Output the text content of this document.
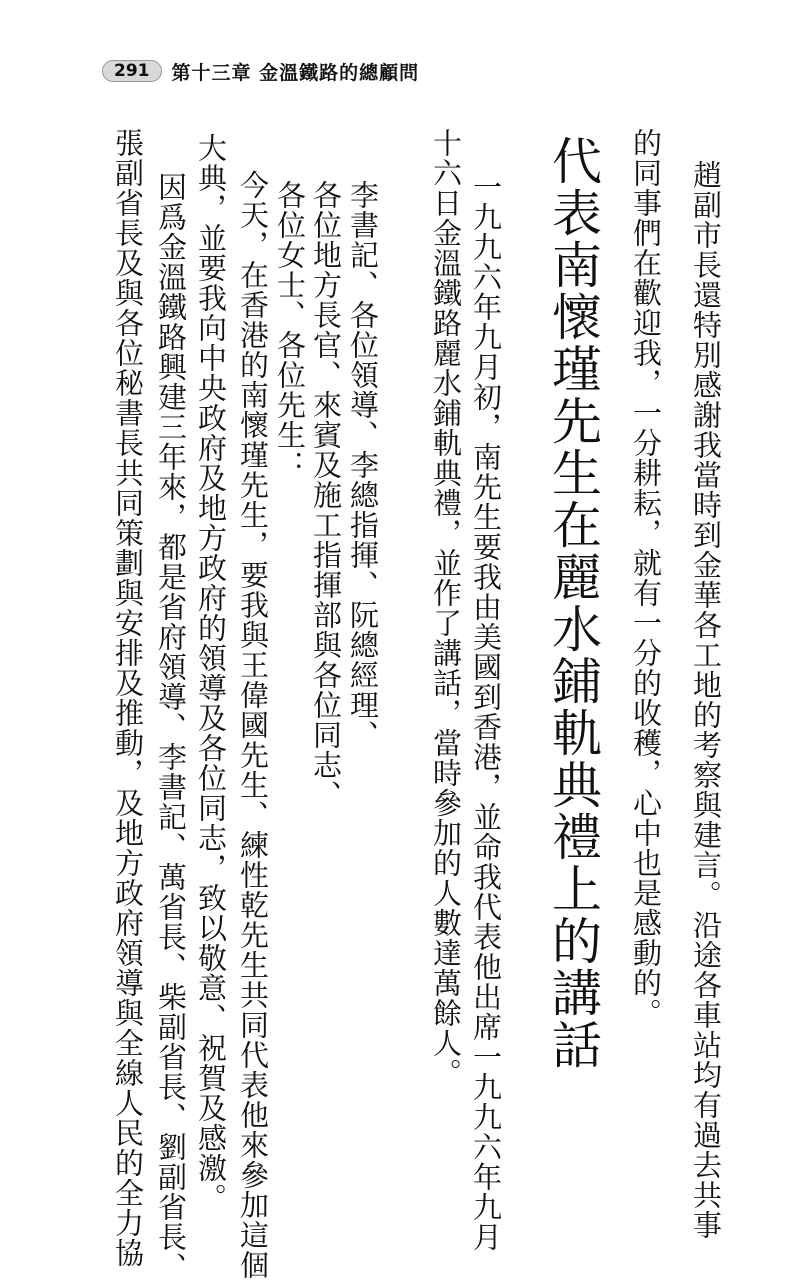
291	第十三章 金溫鐵路的總顧問
趙副市長還特別感謝我當時到金華各工地的考察與建言。沿途各車站均有過去共事
的同事們在歡迎我，一分耕耘，就有一分的收穫，心中也是感動的。
代表南懷瑾先生在麗水鋪軌典禮上的講話
一九九六年九月初，南先生要我由美國到香港，並命我代表他出席一九九六年九月
十六日金溫鐵路麗水鋪軌典禮，並作了講話，當時參加的人數達萬餘人。
李書記、各位領導、李總指揮、阮總經理、
各位地方長官、來賓及施工指揮部與各位同志、
各位女士、各位先生：
今天，在香港的南懷瑾先生，要我與王偉國先生、練性乾先生共同代表他來參加這個
大典，並要我向中央政府及地方政府的領導及各位同志，致以敬意、祝賀及感激。
因爲金溫鐵路興建三年來，都是省府領導、李書記、萬省長、柴副省長、劉副省長、
張副省長及與各位秘書長共同策劃與安排及推動，及地方政府領導與全線人民的全力協
